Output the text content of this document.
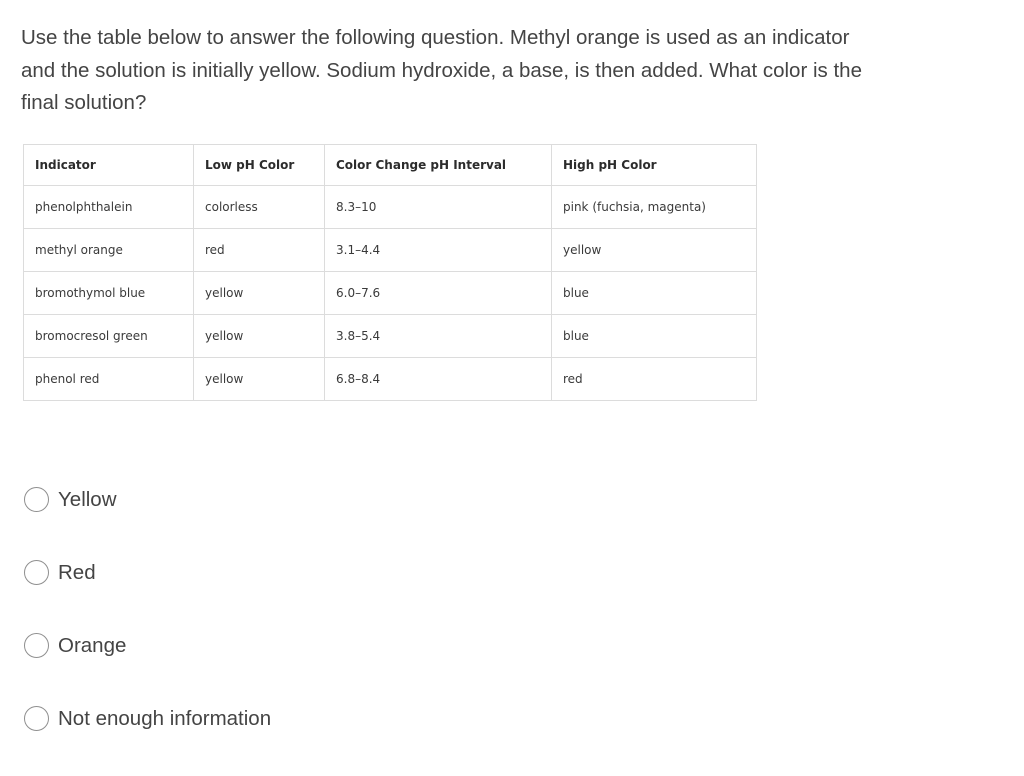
Use the table below to answer the following question. Methyl orange is used as an indicator and the solution is initially yellow. Sodium hydroxide, a base, is then added. What color is the final solution?
Indicator	Low pH Color	Color Change pH Interval	High pH Color
phenolphthalein	colorless	8.3–10	pink (fuchsia, magenta)
methyl orange	red	3.1–4.4	yellow
bromothymol blue	yellow	6.0–7.6	blue
bromocresol green	yellow	3.8–5.4	blue
phenol red	yellow	6.8–8.4	red
Yellow
Red
Orange
Not enough information
